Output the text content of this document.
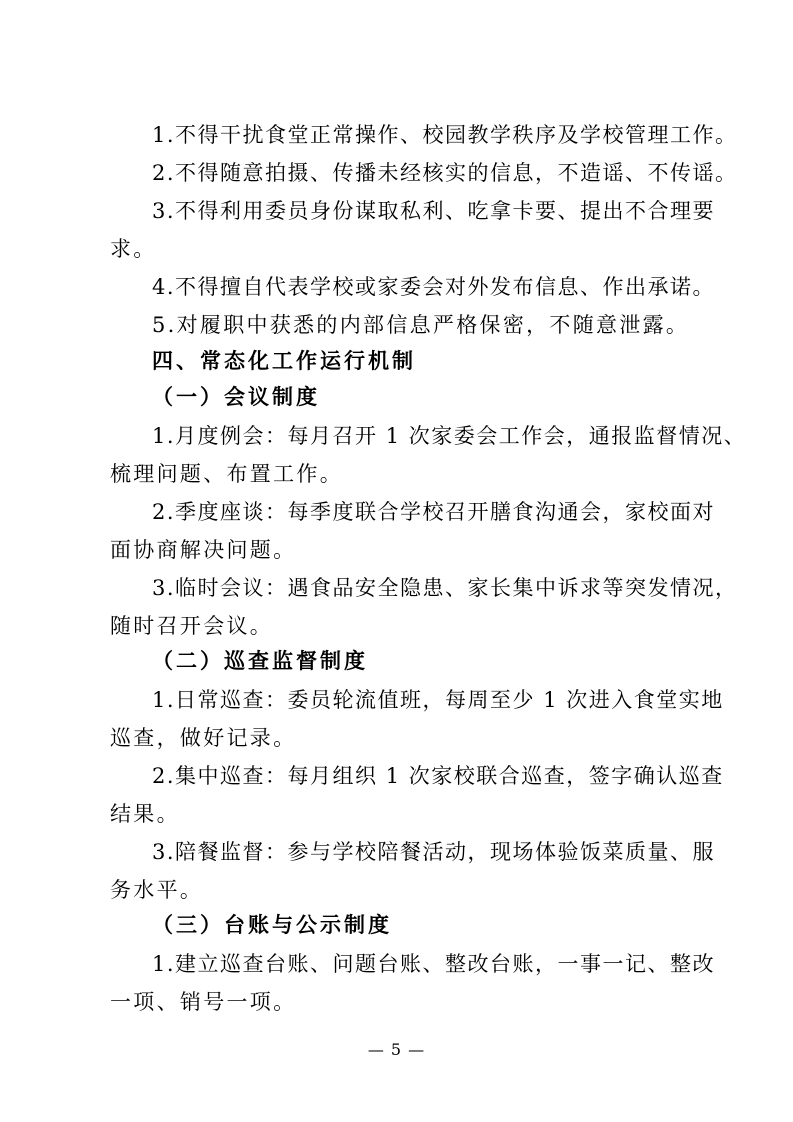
1.不得干扰食堂正常操作、校园教学秩序及学校管理工作。
2.不得随意拍摄、传播未经核实的信息，不造谣、不传谣。
3.不得利用委员身份谋取私利、吃拿卡要、提出不合理要
求。
4.不得擅自代表学校或家委会对外发布信息、作出承诺。
5.对履职中获悉的内部信息严格保密，不随意泄露。
四、常态化工作运行机制
（一）会议制度
1.月度例会：每月召开 1 次家委会工作会，通报监督情况、
梳理问题、布置工作。
2.季度座谈：每季度联合学校召开膳食沟通会，家校面对
面协商解决问题。
3.临时会议：遇食品安全隐患、家长集中诉求等突发情况，
随时召开会议。
（二）巡查监督制度
1.日常巡查：委员轮流值班，每周至少 1 次进入食堂实地
巡查，做好记录。
2.集中巡查：每月组织 1 次家校联合巡查，签字确认巡查
结果。
3.陪餐监督：参与学校陪餐活动，现场体验饭菜质量、服
务水平。
（三）台账与公示制度
1.建立巡查台账、问题台账、整改台账，一事一记、整改
一项、销号一项。
— 5 —
